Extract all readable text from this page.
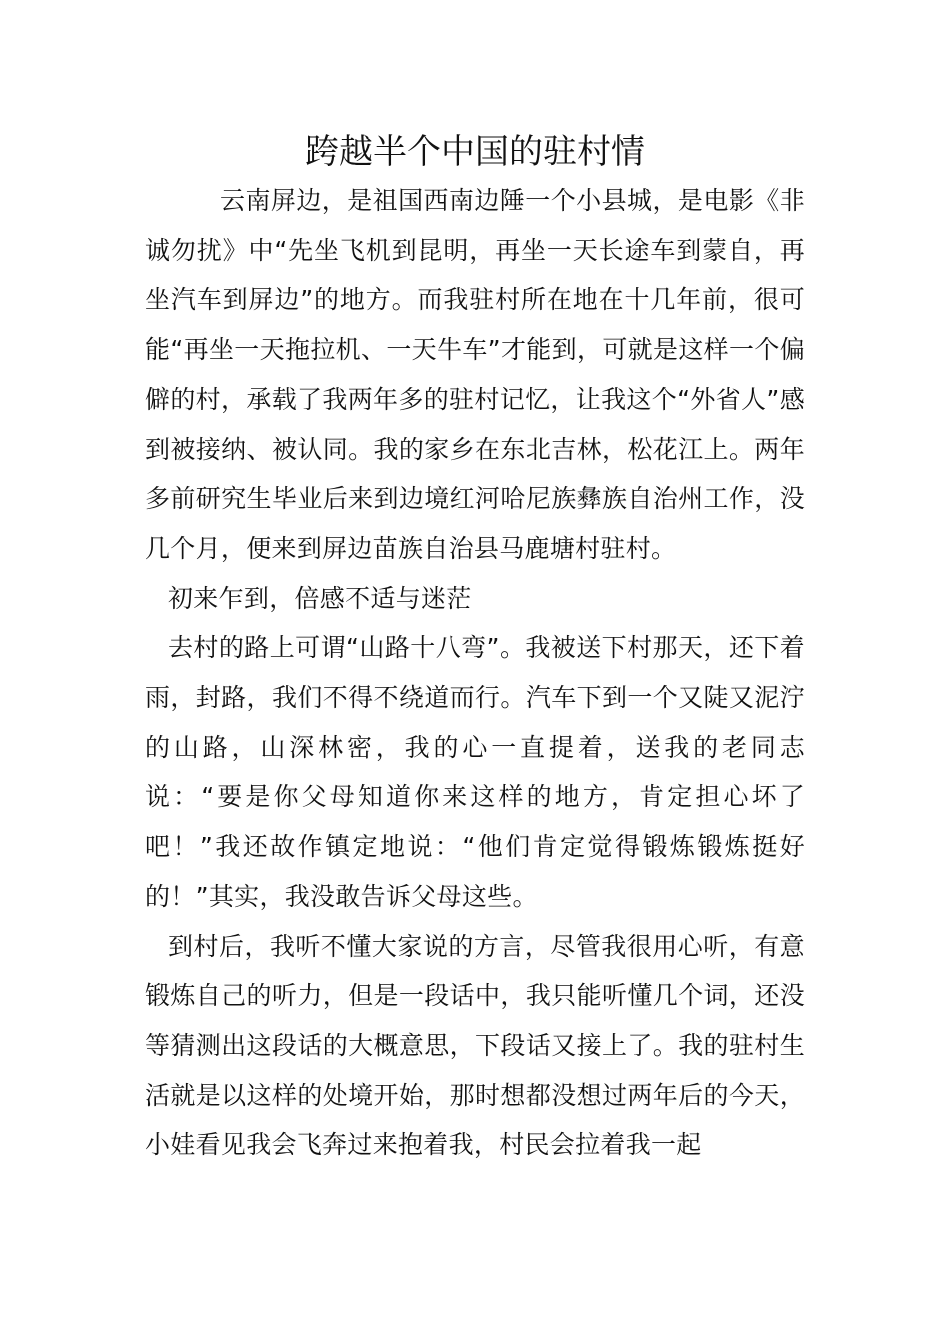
跨越半个中国的驻村情

云南屏边，是祖国西南边陲一个小县城，是电影《非诚勿扰》中“先坐飞机到昆明，再坐一天长途车到蒙自，再坐汽车到屏边”的地方。而我驻村所在地在十几年前，很可能“再坐一天拖拉机、一天牛车”才能到，可就是这样一个偏僻的村，承载了我两年多的驻村记忆，让我这个“外省人”感到被接纳、被认同。我的家乡在东北吉林，松花江上。两年多前研究生毕业后来到边境红河哈尼族彝族自治州工作，没几个月，便来到屏边苗族自治县马鹿塘村驻村。

初来乍到，倍感不适与迷茫

去村的路上可谓“山路十八弯”。我被送下村那天，还下着雨，封路，我们不得不绕道而行。汽车下到一个又陡又泥泞的山路，山深林密，我的心一直提着，送我的老同志说：“要是你父母知道你来这样的地方，肯定担心坏了吧！”我还故作镇定地说：“他们肯定觉得锻炼锻炼挺好的！”其实，我没敢告诉父母这些。

到村后，我听不懂大家说的方言，尽管我很用心听，有意锻炼自己的听力，但是一段话中，我只能听懂几个词，还没等猜测出这段话的大概意思，下段话又接上了。我的驻村生活就是以这样的处境开始，那时想都没想过两年后的今天，小娃看见我会飞奔过来抱着我，村民会拉着我一起
